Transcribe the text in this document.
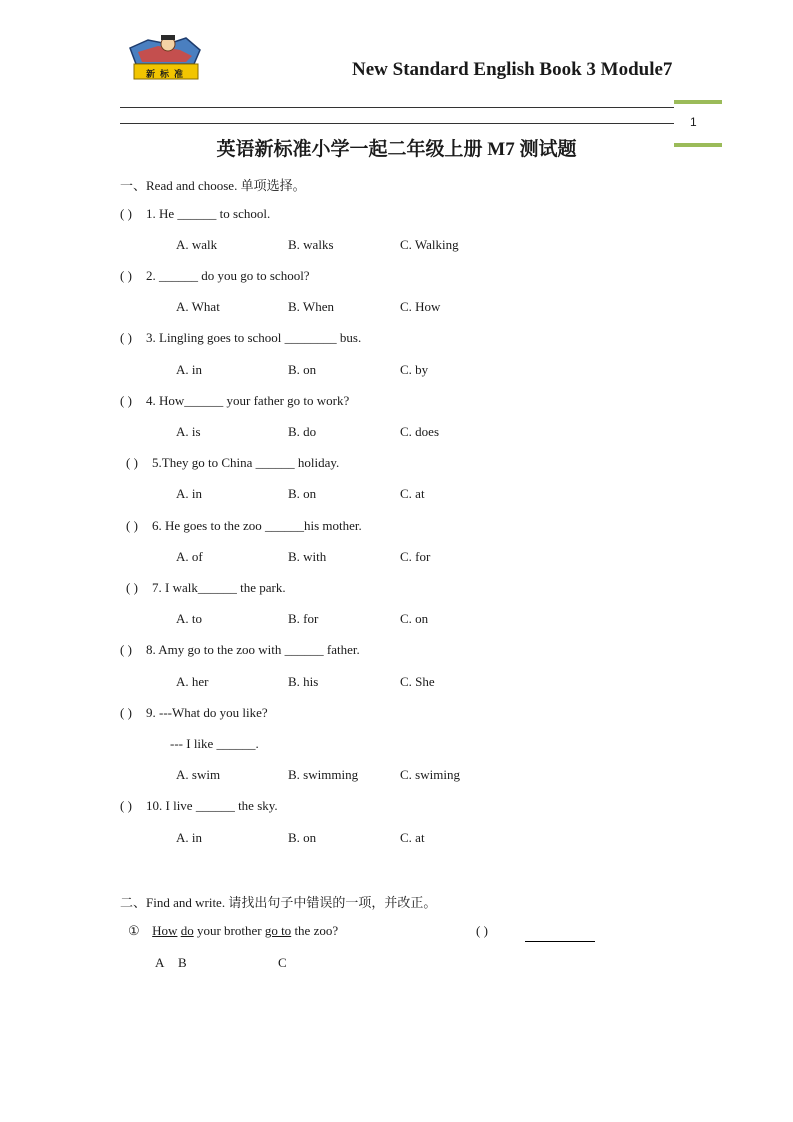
新标准	New Standard English Book 3 Module7
1
英语新标准小学一起二年级上册 M7 测试题
一、Read and choose. 单项选择。
( ) 1. He ______ to school.
A. walk	B. walks	C. Walking
( ) 2. ______ do you go to school?
A. What	B. When	C. How
( ) 3. Lingling goes to school ________ bus.
A. in	B. on	C. by
( ) 4. How______ your father go to work?
A. is	B. do	C. does
( ) 5.They go to China ______ holiday.
A. in	B. on	C. at
( ) 6. He goes to the zoo ______his mother.
A. of	B. with	C. for
( ) 7. I walk______ the park.
A. to	B. for	C. on
( ) 8. Amy go to the zoo with ______ father.
A. her	B. his	C. She
( ) 9. ---What do you like?
--- I like ______.
A. swim	B. swimming	C. swiming
( ) 10. I live ______ the sky.
A. in	B. on	C. at
二、Find and write. 请找出句子中错误的一项，并改正。
① How do your brother go to the zoo?	( )
A B	C
